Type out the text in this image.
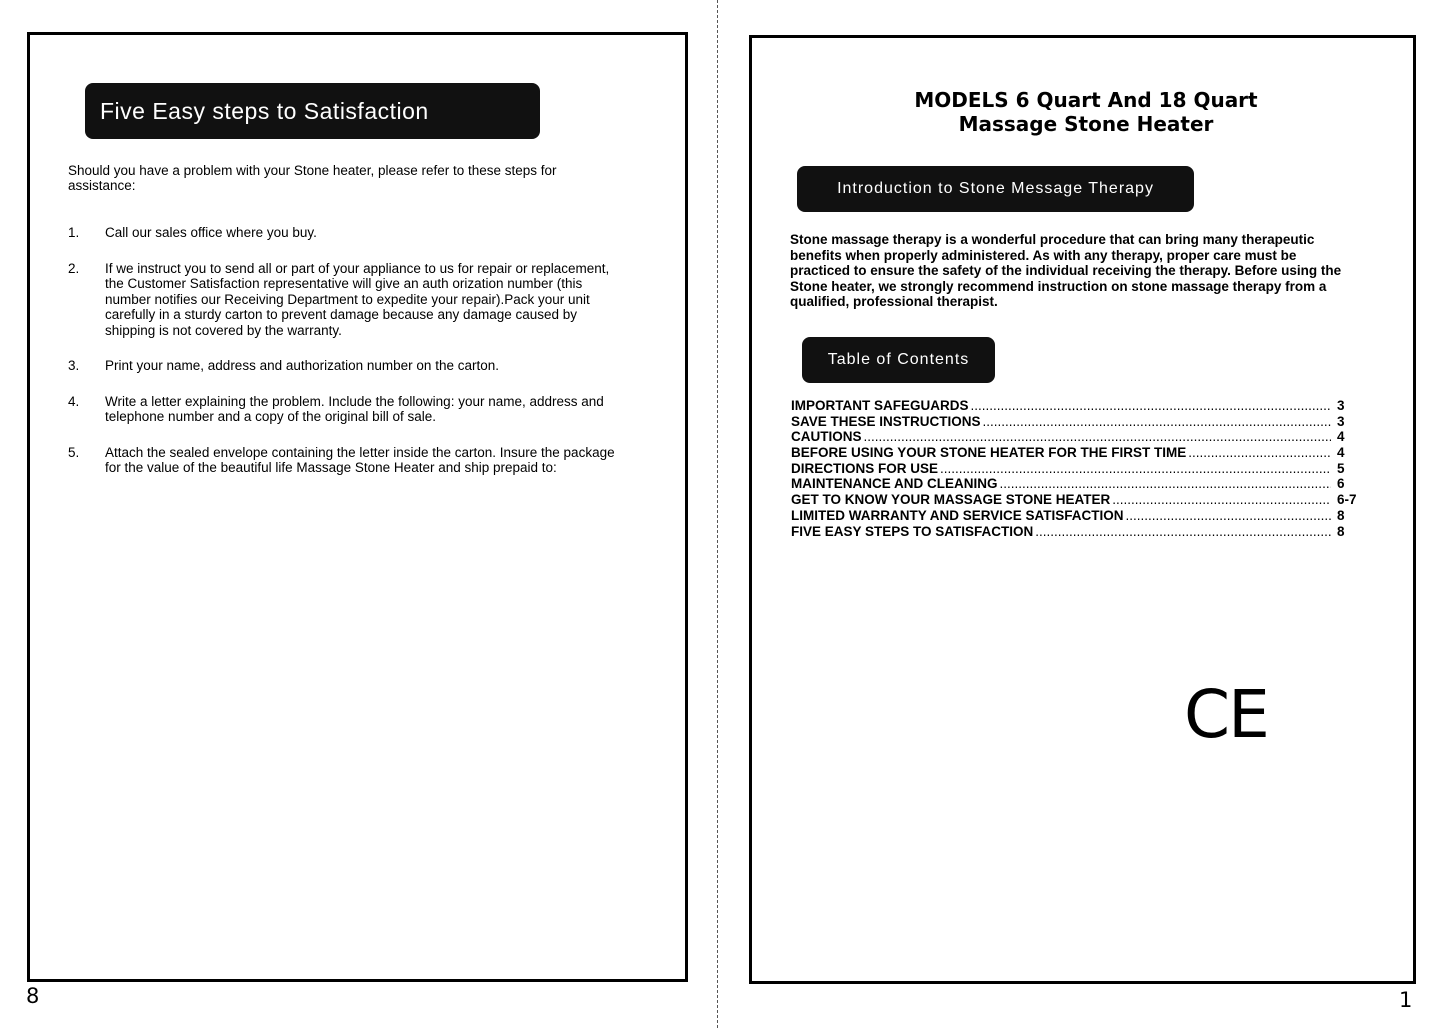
Five Easy steps to Satisfaction
Should you have a problem with your Stone heater, please refer to these steps for assistance:
1.	Call our sales office where you buy.
2.	If we instruct you to send all or part of your appliance to us for repair or replacement, the Customer Satisfaction representative will give an auth orization number (this number notifies our Receiving Department to expedite your repair).Pack your unit carefully in a sturdy carton to prevent damage because any damage caused by shipping is not covered by the warranty.
3.	Print your name, address and authorization number on the carton.
4.	Write a letter explaining the problem. Include the following: your name, address and telephone number and a copy of the original bill of sale.
5.	Attach the sealed envelope containing the letter inside the carton. Insure the package for the value of the beautiful life Massage Stone Heater and ship prepaid to:
8
MODELS 6 Quart And 18 Quart
Massage Stone Heater
Introduction to Stone Message Therapy
Stone massage therapy is a wonderful procedure that can bring many therapeutic benefits when properly administered. As with any therapy, proper care must be practiced to ensure the safety of the individual receiving the therapy. Before using the Stone heater, we strongly recommend instruction on stone massage therapy from a qualified, professional therapist.
Table of Contents
IMPORTANT SAFEGUARDS .....	3
SAVE THESE INSTRUCTIONS .....	3
CAUTIONS .....	4
BEFORE USING YOUR STONE HEATER FOR THE FIRST TIME .....	4
DIRECTIONS FOR USE .....	5
MAINTENANCE AND CLEANING .....	6
GET TO KNOW YOUR MASSAGE STONE HEATER .....	6-7
LIMITED WARRANTY AND SERVICE SATISFACTION .....	8
FIVE EASY STEPS TO SATISFACTION .....	8
CE
1
